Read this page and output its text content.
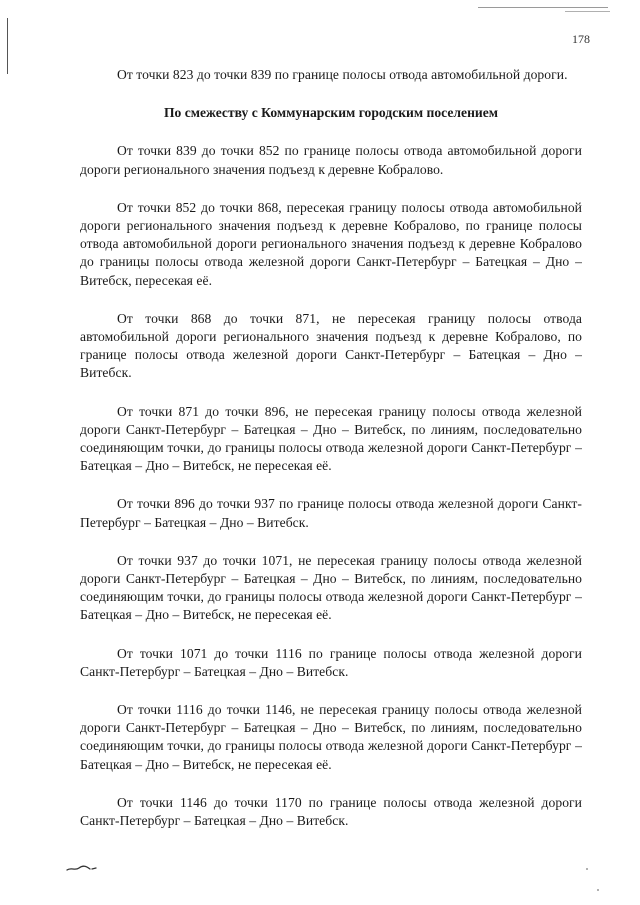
178

От точки 823 до точки 839 по границе полосы отвода автомобильной дороги.

По смежеству с Коммунарским городским поселением

От точки 839 до точки 852 по границе полосы отвода автомобильной дороги дороги регионального значения подъезд к деревне Кобралово.

От точки 852 до точки 868, пересекая границу полосы отвода автомобильной дороги регионального значения подъезд к деревне Кобралово, по границе полосы отвода автомобильной дороги регионального значения подъезд к деревне Кобралово до границы полосы отвода железной дороги Санкт-Петербург – Батецкая – Дно – Витебск, пересекая её.

От точки 868 до точки 871, не пересекая границу полосы отвода автомобильной дороги регионального значения подъезд к деревне Кобралово, по границе полосы отвода железной дороги Санкт-Петербург – Батецкая – Дно – Витебск.

От точки 871 до точки 896, не пересекая границу полосы отвода железной дороги Санкт-Петербург – Батецкая – Дно – Витебск, по линиям, последовательно соединяющим точки, до границы полосы отвода железной дороги Санкт-Петербург – Батецкая – Дно – Витебск, не пересекая её.

От точки 896 до точки 937 по границе полосы отвода железной дороги Санкт-Петербург – Батецкая – Дно – Витебск.

От точки 937 до точки 1071, не пересекая границу полосы отвода железной дороги Санкт-Петербург – Батецкая – Дно – Витебск, по линиям, последовательно соединяющим точки, до границы полосы отвода железной дороги Санкт-Петербург – Батецкая – Дно – Витебск, не пересекая её.

От точки 1071 до точки 1116 по границе полосы отвода железной дороги Санкт-Петербург – Батецкая – Дно – Витебск.

От точки 1116 до точки 1146, не пересекая границу полосы отвода железной дороги Санкт-Петербург – Батецкая – Дно – Витебск, по линиям, последовательно соединяющим точки, до границы полосы отвода железной дороги Санкт-Петербург – Батецкая – Дно – Витебск, не пересекая её.

От точки 1146 до точки 1170 по границе полосы отвода железной дороги Санкт-Петербург – Батецкая – Дно – Витебск.
